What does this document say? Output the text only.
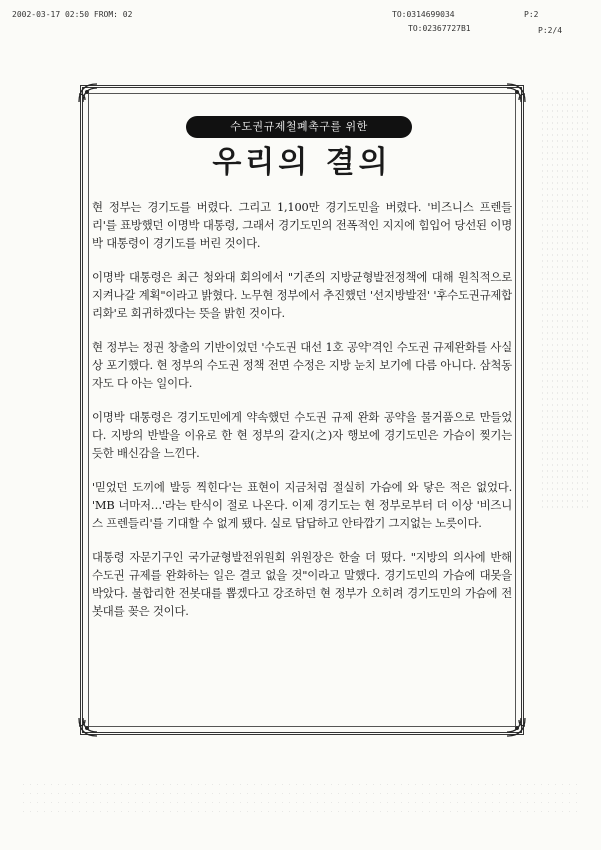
2002-03-17 02:50 FROM: 02	TO:0314699034	P:2
TO:02367727B1	P:2/4
수도권규제철폐촉구를 위한
우리의 결의

현 정부는 경기도를 버렸다. 그리고 1,100만 경기도민을 버렸다. '비즈니스 프렌들리'를 표방했던 이명박 대통령, 그래서 경기도민의 전폭적인 지지에 힘입어 당선된 이명박 대통령이 경기도를 버린 것이다.

이명박 대통령은 최근 청와대 회의에서 "기존의 지방균형발전정책에 대해 원칙적으로 지켜나갈 계획"이라고 밝혔다. 노무현 정부에서 추진했던 '선지방발전' '후수도권규제합리화'로 회귀하겠다는 뜻을 밝힌 것이다.

현 정부는 정권 창출의 기반이었던 '수도권 대선 1호 공약'격인 수도권 규제완화를 사실상 포기했다. 현 정부의 수도권 정책 전면 수정은 지방 눈치 보기에 다름 아니다. 삼척동자도 다 아는 일이다.

이명박 대통령은 경기도민에게 약속했던 수도권 규제 완화 공약을 물거품으로 만들었다. 지방의 반발을 이유로 한 현 정부의 갈지(之)자 행보에 경기도민은 가슴이 찢기는 듯한 배신감을 느낀다.

'믿었던 도끼에 발등 찍힌다'는 표현이 지금처럼 절실히 가슴에 와 닿은 적은 없었다. 'MB 너마저…'라는 탄식이 절로 나온다. 이제 경기도는 현 정부로부터 더 이상 '비즈니스 프렌들리'를 기대할 수 없게 됐다. 실로 답답하고 안타깝기 그지없는 노릇이다.

대통령 자문기구인 국가균형발전위원회 위원장은 한술 더 떴다. "지방의 의사에 반해 수도권 규제를 완화하는 일은 결코 없을 것"이라고 말했다. 경기도민의 가슴에 대못을 박았다. 불합리한 전봇대를 뽑겠다고 강조하던 현 정부가 오히려 경기도민의 가슴에 전봇대를 꽂은 것이다.
